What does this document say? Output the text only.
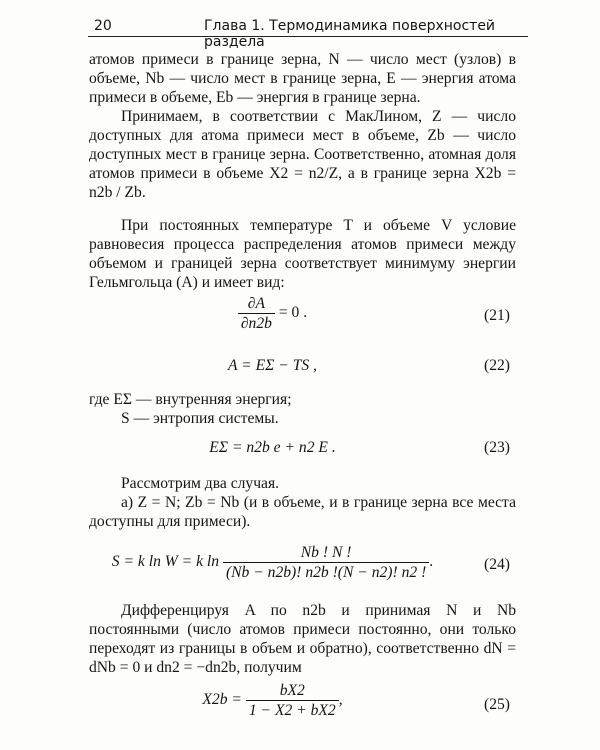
20	Глава 1. Термодинамика поверхностей раздела

атомов примеси в границе зерна, N — число мест (узлов) в объеме, Nb — число мест в границе зерна, E — энергия атома примеси в объеме, Eb — энергия в границе зерна.

Принимаем, в соответствии с МакЛином, Z — число доступных для атома примеси мест в объеме, Zb — число доступных мест в границе зерна. Соответственно, атомная доля атомов примеси в объеме X2 = n2/Z, а в границе зерна X2b = n2b / Zb.

При постоянных температуре T и объеме V условие равновесия процесса распределения атомов примеси между объемом и границей зерна соответствует минимуму энергии Гельмгольца (A) и имеет вид:

$\frac{\partial A}{\partial n2b} = 0$ .	(21)
A = EΣ − TS ,	(22)

где EΣ — внутренняя энергия;

S — энтропия системы.

EΣ = n2b e + n2 E .	(23)

Рассмотрим два случая.

а) Z = N; Zb = Nb (и в объеме, и в границе зерна все места доступны для примеси).

S = k ln W = k $\ln \frac{Nb ! N !}{(Nb - n2b)! n2b !(N - n2)! n2 !}$ .	(24)

Дифференцируя A по n2b и принимая N и Nb постоянными (число атомов примеси постоянно, они только переходят из границы в объем и обратно), соответственно dN = dNb = 0 и dn2 = −dn2b, получим

$X2b = \frac{bX2}{1 - X2 + bX2}$ ,	(25)
